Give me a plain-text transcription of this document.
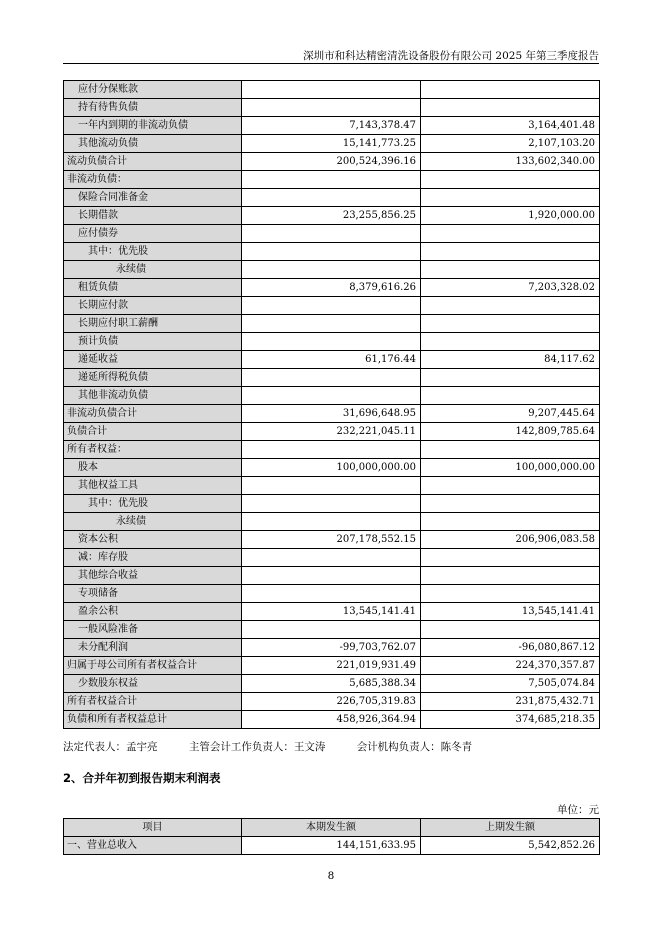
深圳市和科达精密清洗设备股份有限公司 2025 年第三季度报告
应付分保账款		
持有待售负债		
一年内到期的非流动负债	7,143,378.47	3,164,401.48
其他流动负债	15,141,773.25	2,107,103.20
流动负债合计	200,524,396.16	133,602,340.00
非流动负债：		
保险合同准备金		
长期借款	23,255,856.25	1,920,000.00
应付债券		
其中：优先股		
永续债		
租赁负债	8,379,616.26	7,203,328.02
长期应付款		
长期应付职工薪酬		
预计负债		
递延收益	61,176.44	84,117.62
递延所得税负债		
其他非流动负债		
非流动负债合计	31,696,648.95	9,207,445.64
负债合计	232,221,045.11	142,809,785.64
所有者权益：		
股本	100,000,000.00	100,000,000.00
其他权益工具		
其中：优先股		
永续债		
资本公积	207,178,552.15	206,906,083.58
减：库存股		
其他综合收益		
专项储备		
盈余公积	13,545,141.41	13,545,141.41
一般风险准备		
未分配利润	-99,703,762.07	-96,080,867.12
归属于母公司所有者权益合计	221,019,931.49	224,370,357.87
少数股东权益	5,685,388.34	7,505,074.84
所有者权益合计	226,705,319.83	231,875,432.71
负债和所有者权益总计	458,926,364.94	374,685,218.35
法定代表人：孟宇亮	主管会计工作负责人：王文涛	会计机构负责人：陈冬青
2、合并年初到报告期末利润表
单位：元
项目	本期发生额	上期发生额
一、营业总收入	144,151,633.95	5,542,852.26
8
